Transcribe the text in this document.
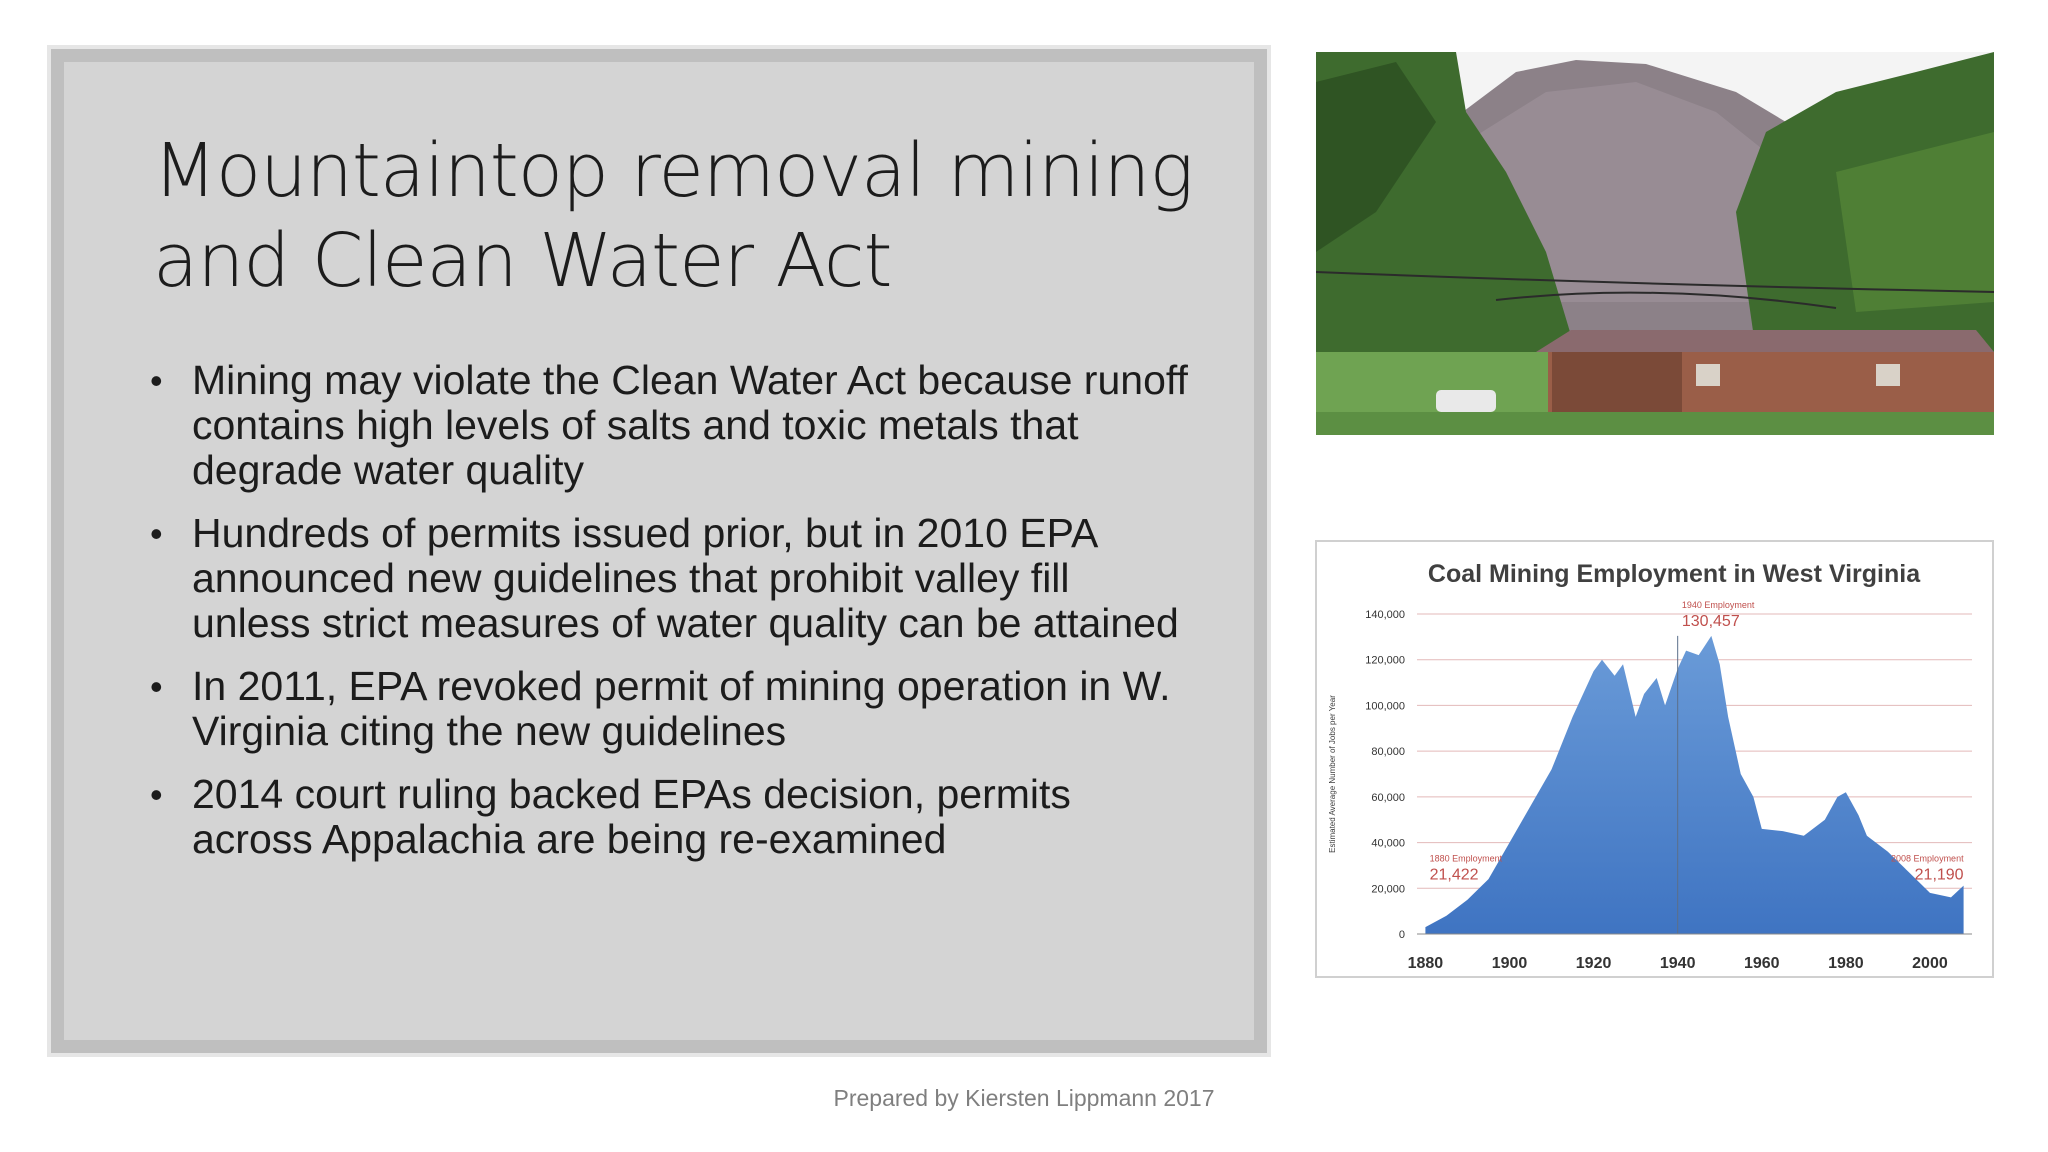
Mountaintop removal mining and Clean Water Act
• Mining may violate the Clean Water Act because runoff contains high levels of salts and toxic metals that degrade water quality
• Hundreds of permits issued prior, but in 2010 EPA announced new guidelines that prohibit valley fill unless strict measures of water quality can be attained
• In 2011, EPA revoked permit of mining operation in W. Virginia citing the new guidelines
• 2014 court ruling backed EPAs decision, permits across Appalachia are being re-examined
Coal Mining Employment in West Virginia
Estimated Average Number of Jobs per Year
0
20,000
40,000
60,000
80,000
100,000
120,000
140,000
1880	1900	1920	1940	1960	1980	2000
1880 Employment
21,422
1940 Employment
130,457
2008 Employment
21,190
Prepared by Kiersten Lippmann 2017
